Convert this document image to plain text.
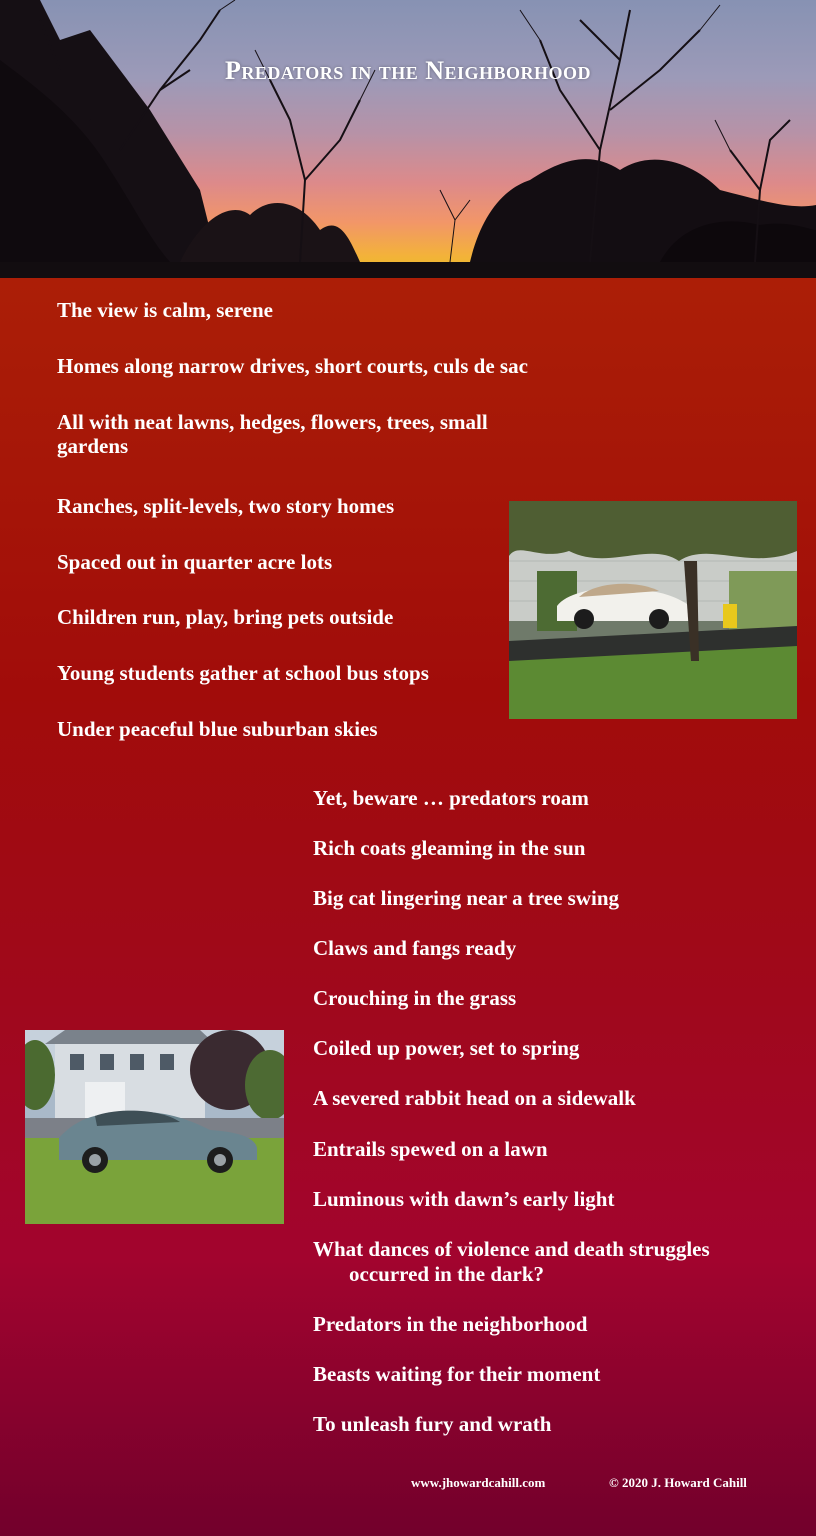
Predators in the Neighborhood

The view is calm, serene

Homes along narrow drives, short courts, culs de sac

All with neat lawns, hedges, flowers, trees, small gardens

Ranches, split-levels, two story homes

Spaced out in quarter acre lots

Children run, play, bring pets outside

Young students gather at school bus stops

Under peaceful blue suburban skies

Yet, beware … predators roam

Rich coats gleaming in the sun

Big cat lingering near a tree swing

Claws and fangs ready

Crouching in the grass

Coiled up power, set to spring

A severed rabbit head on a sidewalk

Entrails spewed on a lawn

Luminous with dawn’s early light

What dances of violence and death struggles

occurred in the dark?

Predators in the neighborhood

Beasts waiting for their moment

To unleash fury and wrath

www.jhowardcahill.com	© 2020 J. Howard Cahill
